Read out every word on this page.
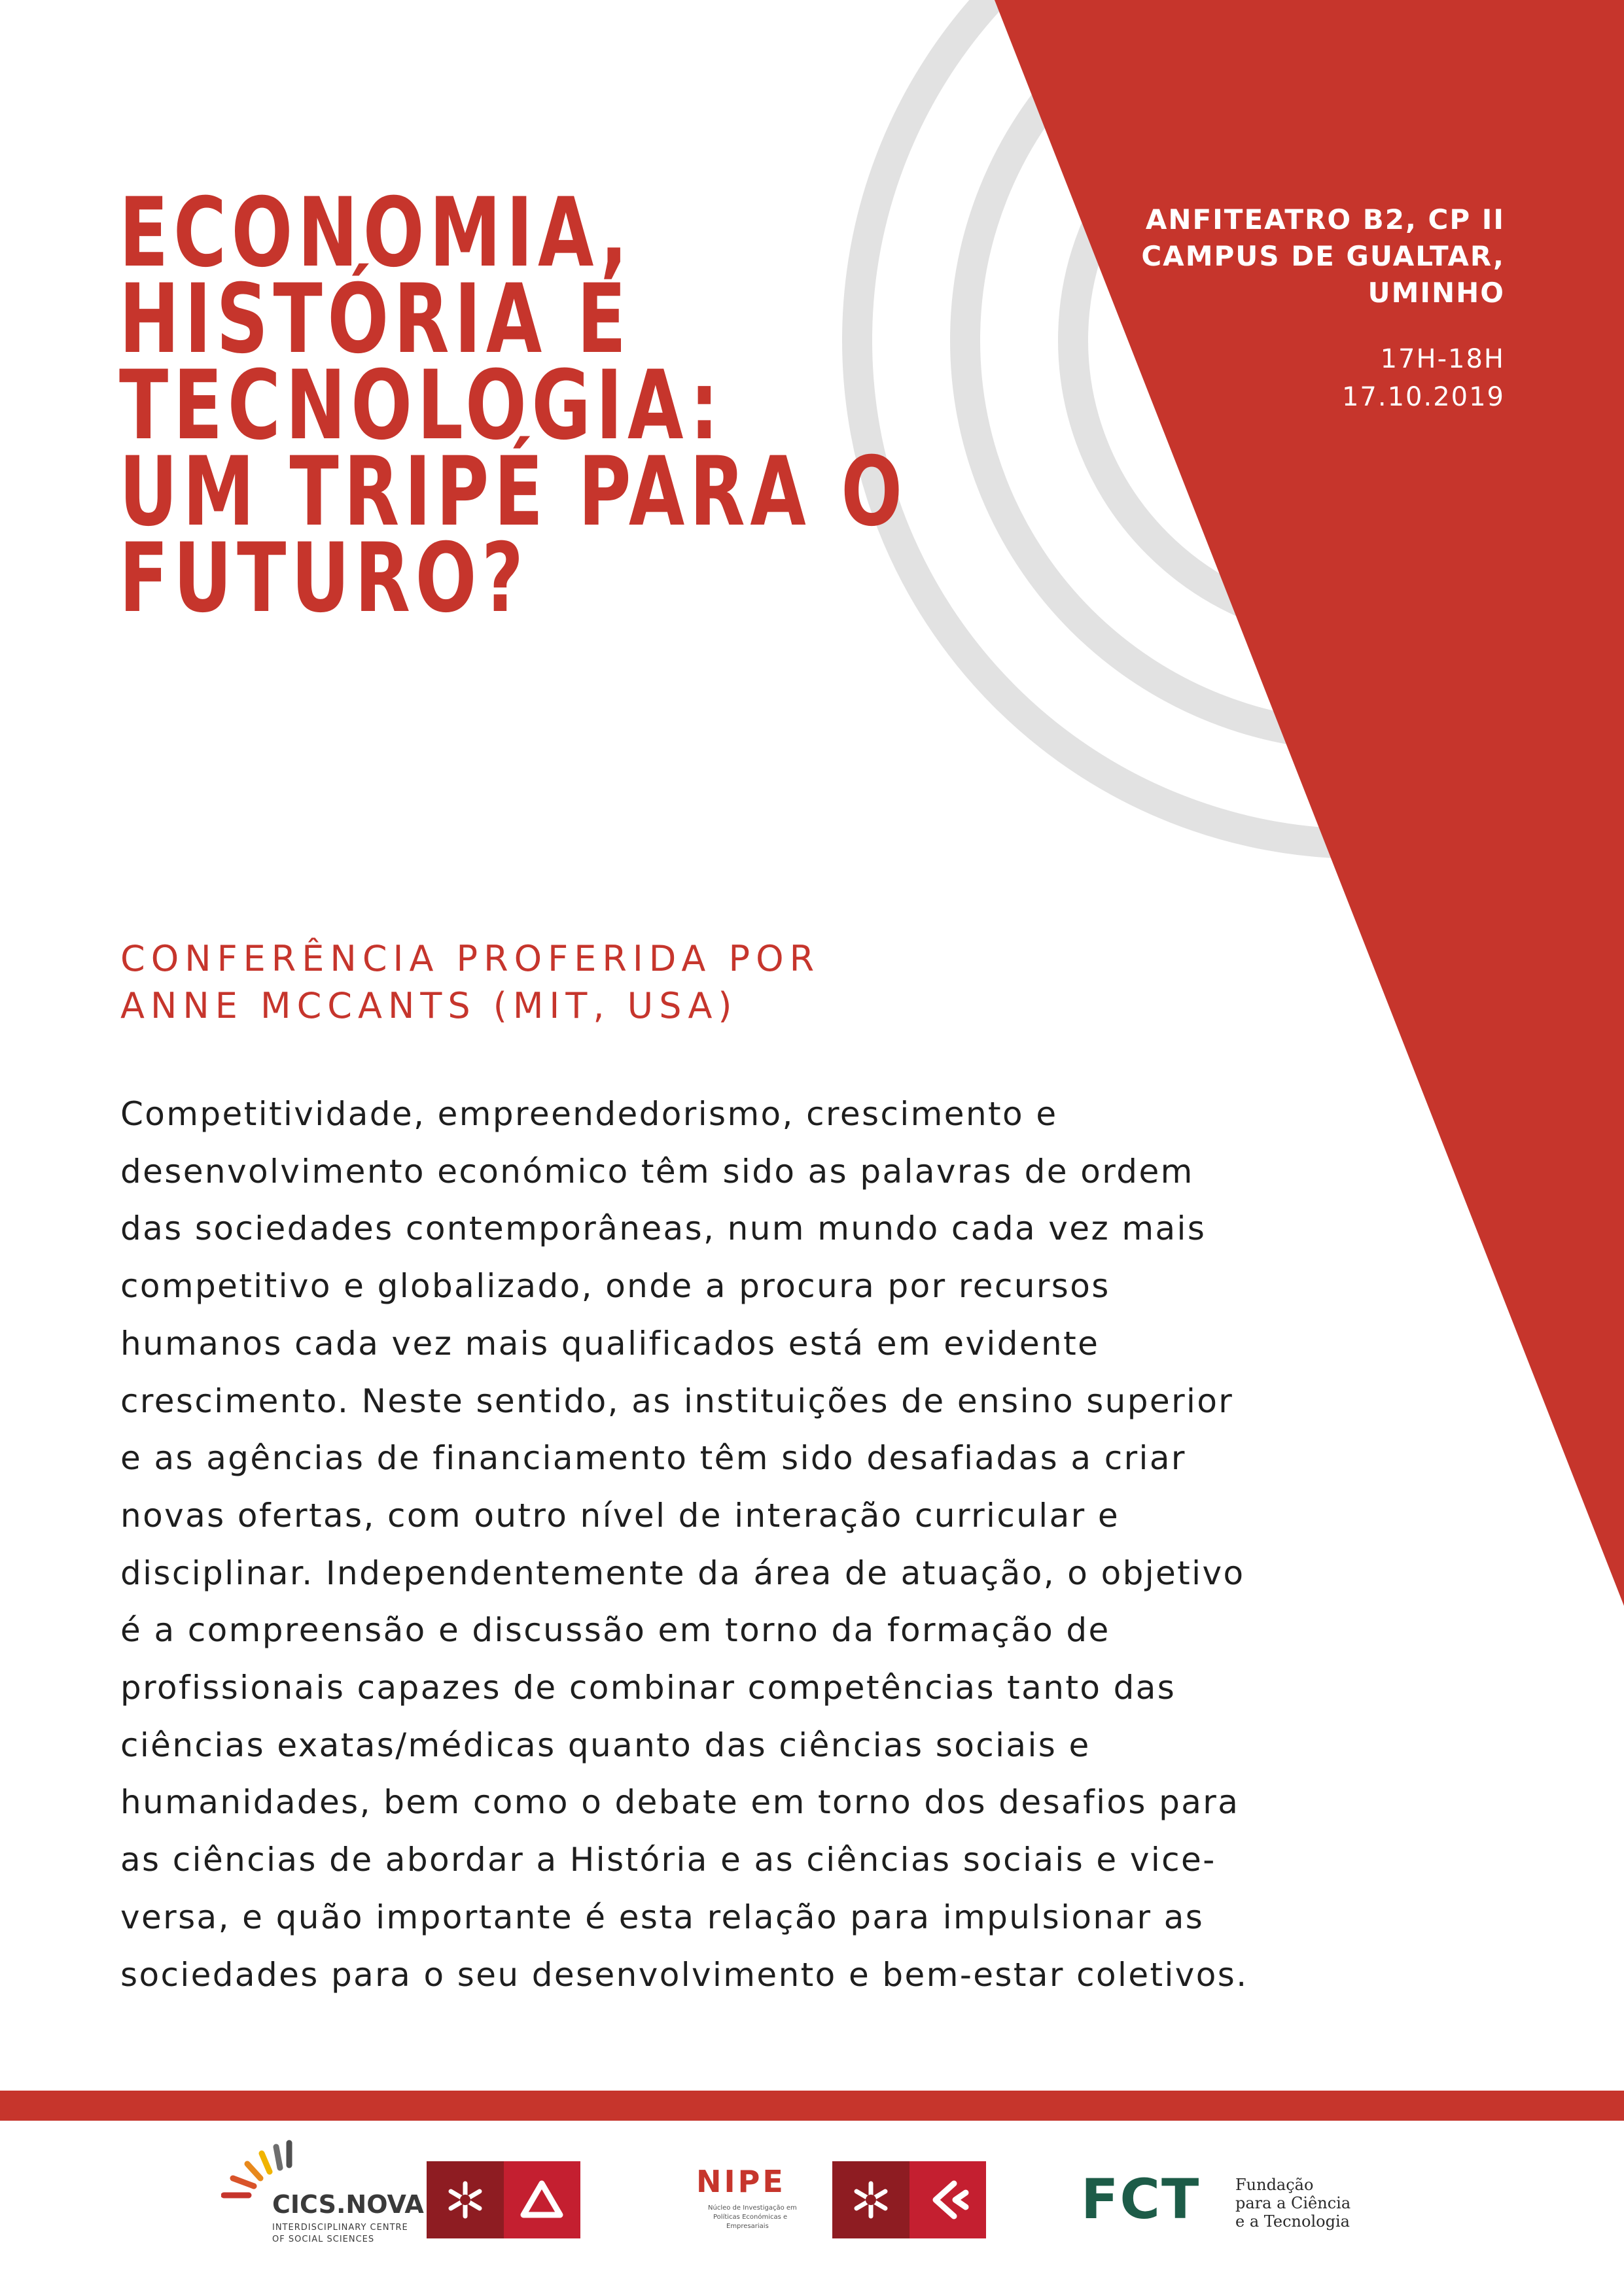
ANFITEATRO B2, CP II
CAMPUS DE GUALTAR,
UMINHO
17H-18H
17.10.2019
ECONOMIA,
HISTÓRIA E
TECNOLOGIA:
UM TRIPÉ PARA O
FUTURO?
CONFERÊNCIA PROFERIDA POR
ANNE MCCANTS (MIT, USA)
Competitividade, empreendedorismo, crescimento e
desenvolvimento económico têm sido as palavras de ordem
das sociedades contemporâneas, num mundo cada vez mais
competitivo e globalizado, onde a procura por recursos
humanos cada vez mais qualificados está em evidente
crescimento. Neste sentido, as instituições de ensino superior
e as agências de financiamento têm sido desafiadas a criar
novas ofertas, com outro nível de interação curricular e
disciplinar. Independentemente da área de atuação, o objetivo
é a compreensão e discussão em torno da formação de
profissionais capazes de combinar competências tanto das
ciências exatas/médicas quanto das ciências sociais e
humanidades, bem como o debate em torno dos desafios para
as ciências de abordar a História e as ciências sociais e vice-
versa, e quão importante é esta relação para impulsionar as
sociedades para o seu desenvolvimento e bem-estar coletivos.
CICS.NOVA
INTERDISCIPLINARY CENTRE
OF SOCIAL SCIENCES
NIPE
Núcleo de Investigação em
Políticas Económicas e
Empresariais	FCT Fundação
para a Ciência
e a Tecnologia
